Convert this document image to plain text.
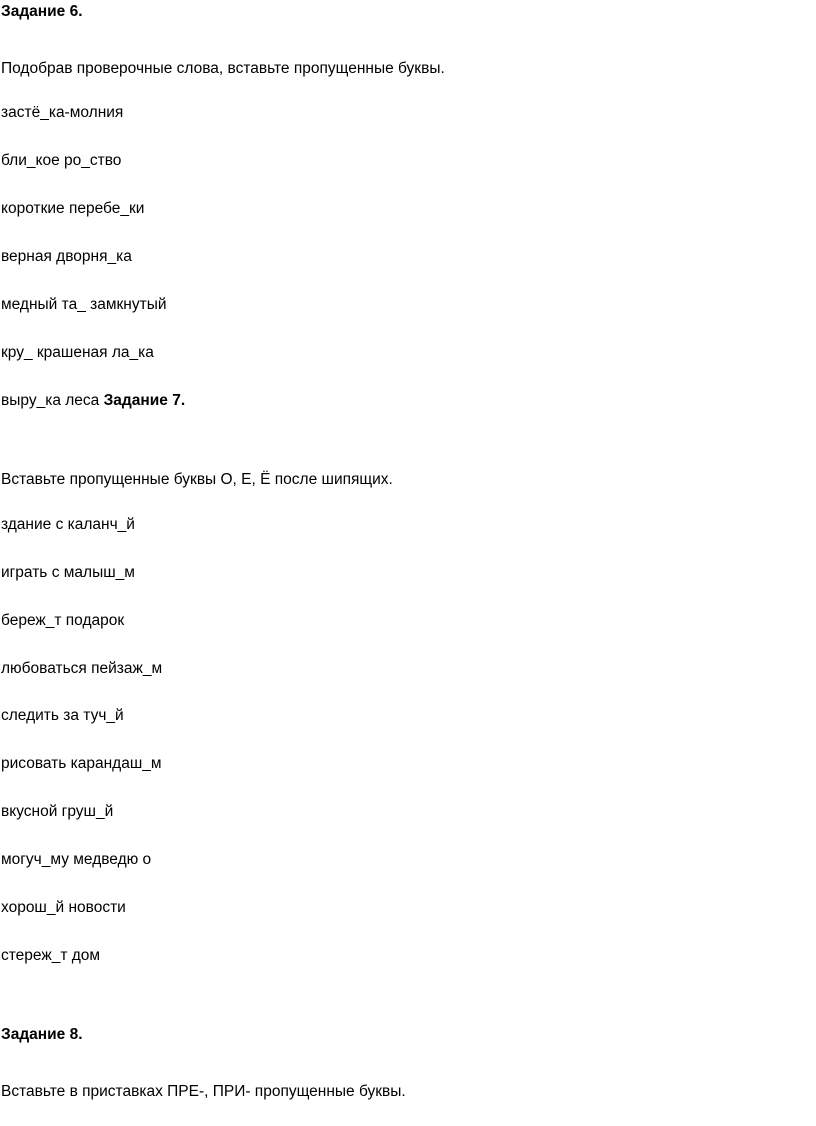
Задание 6.
Подобрав проверочные слова, вставьте пропущенные буквы.
застё_ка-молния
бли_кое ро_ство
короткие перебе_ки
верная дворня_ка
медный та_ замкнутый
кру_ крашеная ла_ка
выру_ка леса Задание 7.
Вставьте пропущенные буквы О, Е, Ё после шипящих.
здание с каланч_й
играть с малыш_м
береж_т подарок
любоваться пейзаж_м
следить за туч_й
рисовать карандаш_м
вкусной груш_й
могуч_му медведю о
хорош_й новости
стереж_т дом
Задание 8.
Вставьте в приставках ПРЕ-, ПРИ- пропущенные буквы.
